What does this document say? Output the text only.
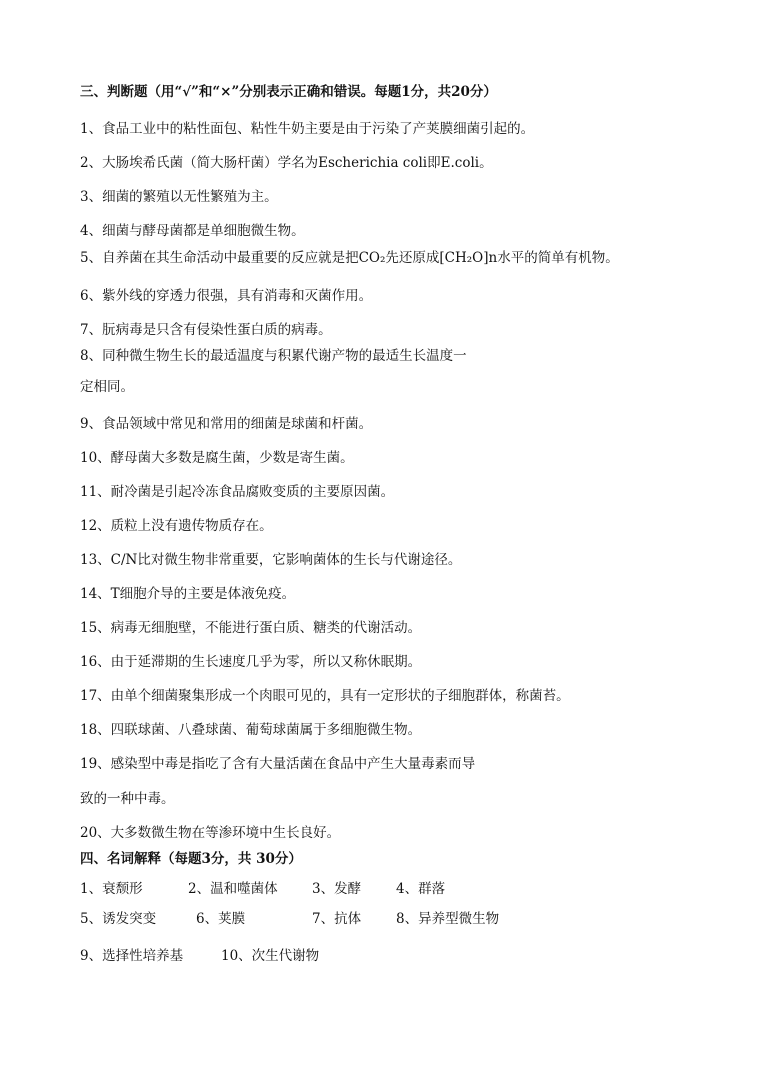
三、判断题（用“√”和“×”分别表示正确和错误。每题1分，共20分）
1、食品工业中的粘性面包、粘性牛奶主要是由于污染了产荚膜细菌引起的。
2、大肠埃希氏菌（简大肠杆菌）学名为Escherichia coli即E.coli。
3、细菌的繁殖以无性繁殖为主。
4、细菌与酵母菌都是单细胞微生物。
5、自养菌在其生命活动中最重要的反应就是把CO₂先还原成[CH₂O]n水平的简单有机物。
6、紫外线的穿透力很强，具有消毒和灭菌作用。
7、朊病毒是只含有侵染性蛋白质的病毒。
8、同种微生物生长的最适温度与积累代谢产物的最适生长温度一
定相同。
9、食品领域中常见和常用的细菌是球菌和杆菌。
10、酵母菌大多数是腐生菌，少数是寄生菌。
11、耐冷菌是引起冷冻食品腐败变质的主要原因菌。
12、质粒上没有遗传物质存在。
13、C/N比对微生物非常重要，它影响菌体的生长与代谢途径。
14、T细胞介导的主要是体液免疫。
15、病毒无细胞壁，不能进行蛋白质、糖类的代谢活动。
16、由于延滞期的生长速度几乎为零，所以又称休眠期。
17、由单个细菌聚集形成一个肉眼可见的，具有一定形状的子细胞群体，称菌苔。
18、四联球菌、八叠球菌、葡萄球菌属于多细胞微生物。
19、感染型中毒是指吃了含有大量活菌在食品中产生大量毒素而导
致的一种中毒。
20、大多数微生物在等渗环境中生长良好。
四、名词解释（每题3分，共 30分）
1、衰颓形	2、温和噬菌体	3、发酵	4、群落
5、诱发突变	6、荚膜	7、抗体	8、异养型微生物
9、选择性培养基	10、次生代谢物
